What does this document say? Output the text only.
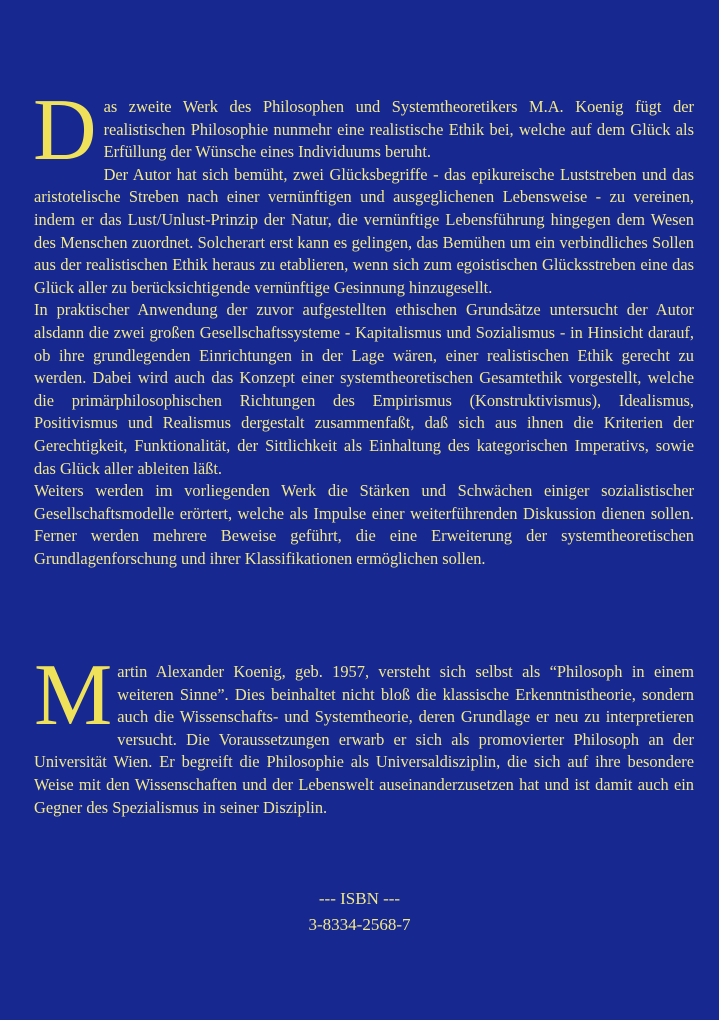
D as zweite Werk des Philosophen und Systemtheoretikers M.A. Koenig fügt der realistischen Philosophie nunmehr eine realistische Ethik bei, welche auf dem Glück als Erfüllung der Wünsche eines Individuums beruht.

Der Autor hat sich bemüht, zwei Glücksbegriffe - das epikureische Luststreben und das aristotelische Streben nach einer vernünftigen und ausgeglichenen Lebensweise - zu vereinen, indem er das Lust/Unlust-Prinzip der Natur, die vernünftige Lebensführung hingegen dem Wesen des Menschen zuordnet. Solcherart erst kann es gelingen, das Bemühen um ein verbindliches Sollen aus der realistischen Ethik heraus zu etablieren, wenn sich zum egoistischen Glücksstreben eine das Glück aller zu berücksichtigende vernünftige Gesinnung hinzugesellt.

In praktischer Anwendung der zuvor aufgestellten ethischen Grundsätze untersucht der Autor alsdann die zwei großen Gesellschaftssysteme - Kapitalismus und Sozialismus - in Hinsicht darauf, ob ihre grundlegenden Einrichtungen in der Lage wären, einer realistischen Ethik gerecht zu werden. Dabei wird auch das Konzept einer systemtheoretischen Gesamtethik vorgestellt, welche die primärphilosophischen Richtungen des Empirismus (Konstruktivismus), Idealismus, Positivismus und Realismus dergestalt zusammenfaßt, daß sich aus ihnen die Kriterien der Gerechtigkeit, Funktionalität, der Sittlichkeit als Einhaltung des kategorischen Imperativs, sowie das Glück aller ableiten läßt.

Weiters werden im vorliegenden Werk die Stärken und Schwächen einiger sozialistischer Gesellschaftsmodelle erörtert, welche als Impulse einer weiterführenden Diskussion dienen sollen. Ferner werden mehrere Beweise geführt, die eine Erweiterung der systemtheoretischen Grundlagenforschung und ihrer Klassifikationen ermöglichen sollen.

M artin Alexander Koenig, geb. 1957, versteht sich selbst als “Philosoph in einem weiteren Sinne”. Dies beinhaltet nicht bloß die klassische Erkenntnistheorie, sondern auch die Wissenschafts- und Systemtheorie, deren Grundlage er neu zu interpretieren versucht. Die Voraussetzungen erwarb er sich als promovierter Philosoph an der Universität Wien. Er begreift die Philosophie als Universaldisziplin, die sich auf ihre besondere Weise mit den Wissenschaften und der Lebenswelt auseinanderzusetzen hat und ist damit auch ein Gegner des Spezialismus in seiner Disziplin.

--- ISBN ---
3-8334-2568-7
